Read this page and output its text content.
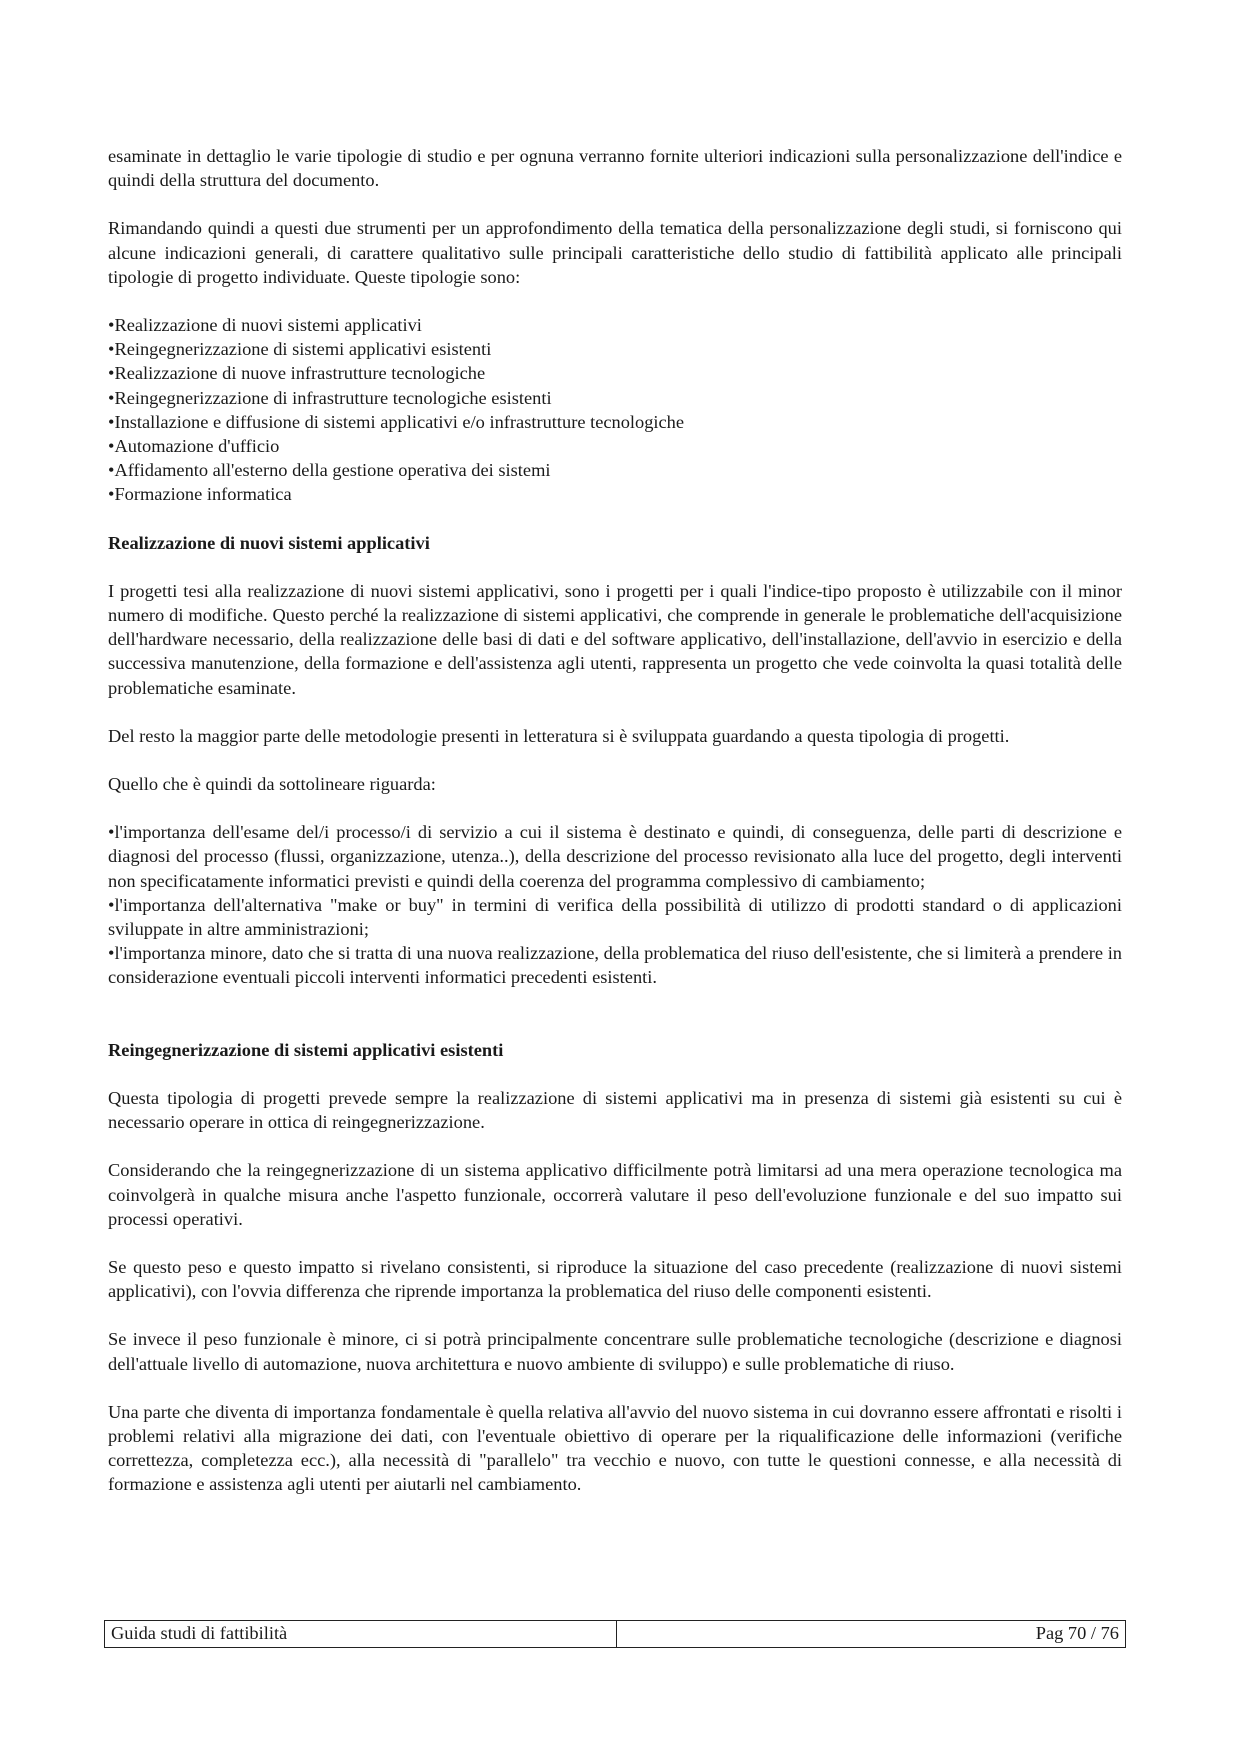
esaminate in dettaglio le varie tipologie di studio e per ognuna verranno fornite ulteriori indicazioni sulla personalizzazione dell'indice e quindi della struttura del documento.

Rimandando quindi a questi due strumenti per un approfondimento della tematica della personalizzazione degli studi, si forniscono qui alcune indicazioni generali, di carattere qualitativo sulle principali caratteristiche dello studio di fattibilità applicato alle principali tipologie di progetto individuate. Queste tipologie sono:

•Realizzazione di nuovi sistemi applicativi
•Reingegnerizzazione di sistemi applicativi esistenti
•Realizzazione di nuove infrastrutture tecnologiche
•Reingegnerizzazione di infrastrutture tecnologiche esistenti
•Installazione e diffusione di sistemi applicativi e/o infrastrutture tecnologiche
•Automazione d'ufficio
•Affidamento all'esterno della gestione operativa dei sistemi
•Formazione informatica

Realizzazione di nuovi sistemi applicativi

I progetti tesi alla realizzazione di nuovi sistemi applicativi, sono i progetti per i quali l'indice-tipo proposto è utilizzabile con il minor numero di modifiche. Questo perché la realizzazione di sistemi applicativi, che comprende in generale le problematiche dell'acquisizione dell'hardware necessario, della realizzazione delle basi di dati e del software applicativo, dell'installazione, dell'avvio in esercizio e della successiva manutenzione, della formazione e dell'assistenza agli utenti, rappresenta un progetto che vede coinvolta la quasi totalità delle problematiche esaminate.

Del resto la maggior parte delle metodologie presenti in letteratura si è sviluppata guardando a questa tipologia di progetti.

Quello che è quindi da sottolineare riguarda:

•l'importanza dell'esame del/i processo/i di servizio a cui il sistema è destinato e quindi, di conseguenza, delle parti di descrizione e diagnosi del processo (flussi, organizzazione, utenza..), della descrizione del processo revisionato alla luce del progetto, degli interventi non specificatamente informatici previsti e quindi della coerenza del programma complessivo di cambiamento;
•l'importanza dell'alternativa "make or buy" in termini di verifica della possibilità di utilizzo di prodotti standard o di applicazioni sviluppate in altre amministrazioni;
•l'importanza minore, dato che si tratta di una nuova realizzazione, della problematica del riuso dell'esistente, che si limiterà a prendere in considerazione eventuali piccoli interventi informatici precedenti esistenti.

Reingegnerizzazione di sistemi applicativi esistenti

Questa tipologia di progetti prevede sempre la realizzazione di sistemi applicativi ma in presenza di sistemi già esistenti su cui è necessario operare in ottica di reingegnerizzazione.

Considerando che la reingegnerizzazione di un sistema applicativo difficilmente potrà limitarsi ad una mera operazione tecnologica ma coinvolgerà in qualche misura anche l'aspetto funzionale, occorrerà valutare il peso dell'evoluzione funzionale e del suo impatto sui processi operativi.

Se questo peso e questo impatto si rivelano consistenti, si riproduce la situazione del caso precedente (realizzazione di nuovi sistemi applicativi), con l'ovvia differenza che riprende importanza la problematica del riuso delle componenti esistenti.

Se invece il peso funzionale è minore, ci si potrà principalmente concentrare sulle problematiche tecnologiche (descrizione e diagnosi dell'attuale livello di automazione, nuova architettura e nuovo ambiente di sviluppo) e sulle problematiche di riuso.

Una parte che diventa di importanza fondamentale è quella relativa all'avvio del nuovo sistema in cui dovranno essere affrontati e risolti i problemi relativi alla migrazione dei dati, con l'eventuale obiettivo di operare per la riqualificazione delle informazioni (verifiche correttezza, completezza ecc.), alla necessità di "parallelo" tra vecchio e nuovo, con tutte le questioni connesse, e alla necessità di formazione e assistenza agli utenti per aiutarli nel cambiamento.

Guida studi di fattibilità	Pag 70 / 76
